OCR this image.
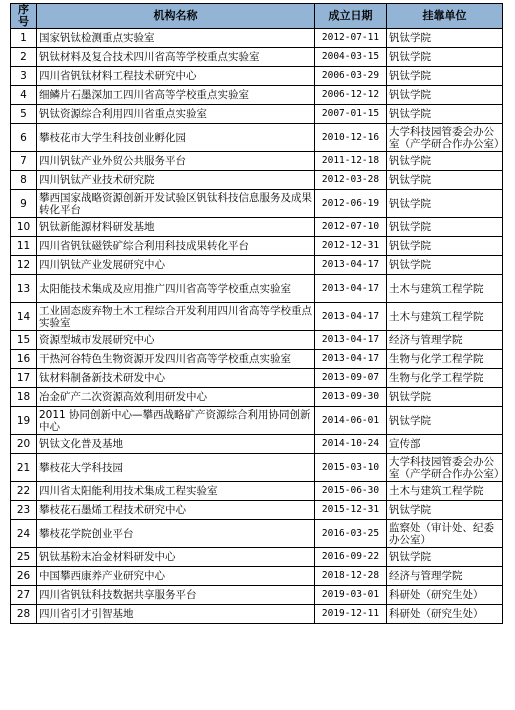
序号	机构名称	成立日期	挂靠单位
1	国家钒钛检测重点实验室	2012-07-11	钒钛学院
2	钒钛材料及复合技术四川省高等学校重点实验室	2004-03-15	钒钛学院
3	四川省钒钛材料工程技术研究中心	2006-03-29	钒钛学院
4	细鳞片石墨深加工四川省高等学校重点实验室	2006-12-12	钒钛学院
5	钒钛资源综合利用四川省重点实验室	2007-01-15	钒钛学院
6	攀枝花市大学生科技创业孵化园	2010-12-16	大学科技园管委会办公室（产学研合作办公室）
7	四川钒钛产业外贸公共服务平台	2011-12-18	钒钛学院
8	四川钒钛产业技术研究院	2012-03-28	钒钛学院
9	攀西国家战略资源创新开发试验区钒钛科技信息服务及成果转化平台	2012-06-19	钒钛学院
10	钒钛新能源材料研发基地	2012-07-10	钒钛学院
11	四川省钒钛磁铁矿综合利用科技成果转化平台	2012-12-31	钒钛学院
12	四川钒钛产业发展研究中心	2013-04-17	钒钛学院
13	太阳能技术集成及应用推广四川省高等学校重点实验室	2013-04-17	土木与建筑工程学院
14	工业固态废弃物土木工程综合开发利用四川省高等学校重点实验室	2013-04-17	土木与建筑工程学院
15	资源型城市发展研究中心	2013-04-17	经济与管理学院
16	干热河谷特色生物资源开发四川省高等学校重点实验室	2013-04-17	生物与化学工程学院
17	钛材料制备新技术研发中心	2013-09-07	生物与化学工程学院
18	冶金矿产二次资源高效利用研发中心	2013-09-30	钒钛学院
19	2011 协同创新中心—攀西战略矿产资源综合利用协同创新中心	2014-06-01	钒钛学院
20	钒钛文化普及基地	2014-10-24	宣传部
21	攀枝花大学科技园	2015-03-10	大学科技园管委会办公室（产学研合作办公室）
22	四川省太阳能利用技术集成工程实验室	2015-06-30	土木与建筑工程学院
23	攀枝花石墨烯工程技术研究中心	2015-12-31	钒钛学院
24	攀枝花学院创业平台	2016-03-25	监察处（审计处、纪委办公室）
25	钒钛基粉末冶金材料研发中心	2016-09-22	钒钛学院
26	中国攀西康养产业研究中心	2018-12-28	经济与管理学院
27	四川省钒钛科技数据共享服务平台	2019-03-01	科研处（研究生处）
28	四川省引才引智基地	2019-12-11	科研处（研究生处）
